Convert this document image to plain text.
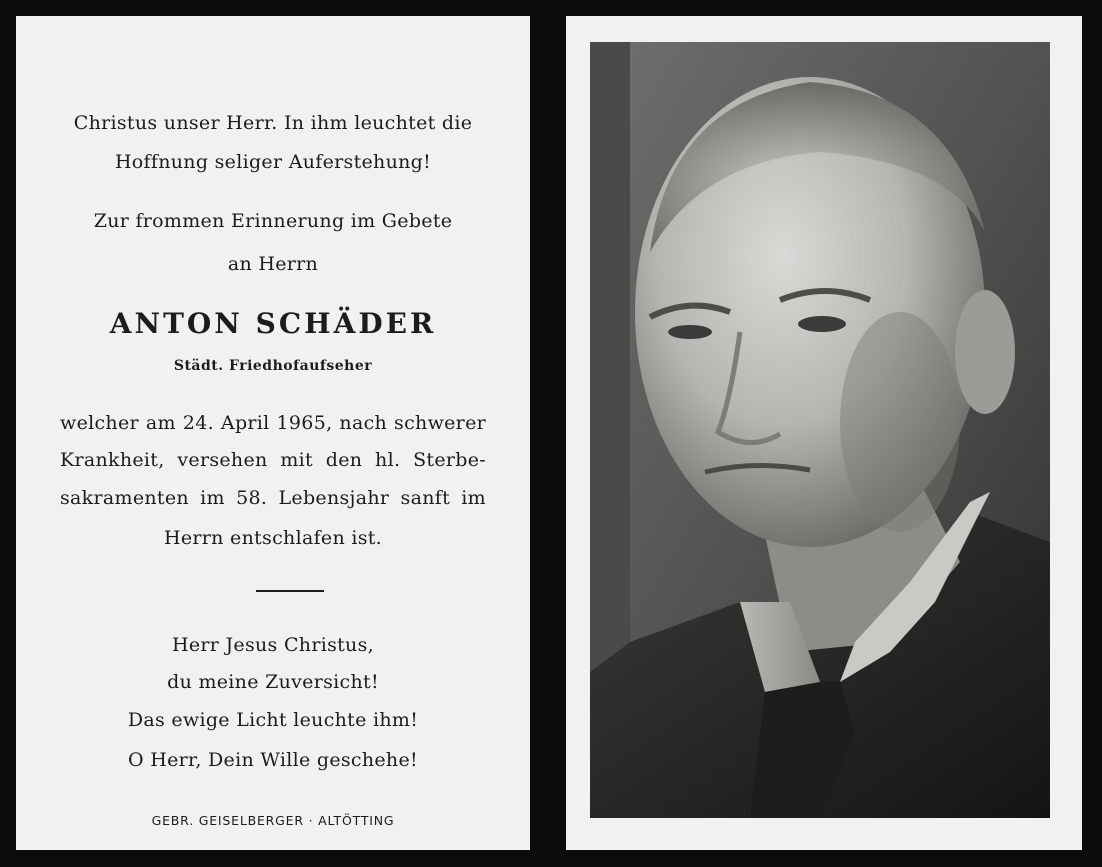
Christus unser Herr. In ihm leuchtet die
Hoffnung seliger Auferstehung!
Zur frommen Erinnerung im Gebete
an Herrn
ANTON SCHÄDER
Städt. Friedhofaufseher
welcher am 24. April 1965, nach schwerer
Krankheit, versehen mit den hl. Sterbe-
sakramenten im 58. Lebensjahr sanft im
Herrn entschlafen ist.
Herr Jesus Christus,
du meine Zuversicht!
Das ewige Licht leuchte ihm!
O Herr, Dein Wille geschehe!
GEBR. GEISELBERGER · ALTÖTTING
